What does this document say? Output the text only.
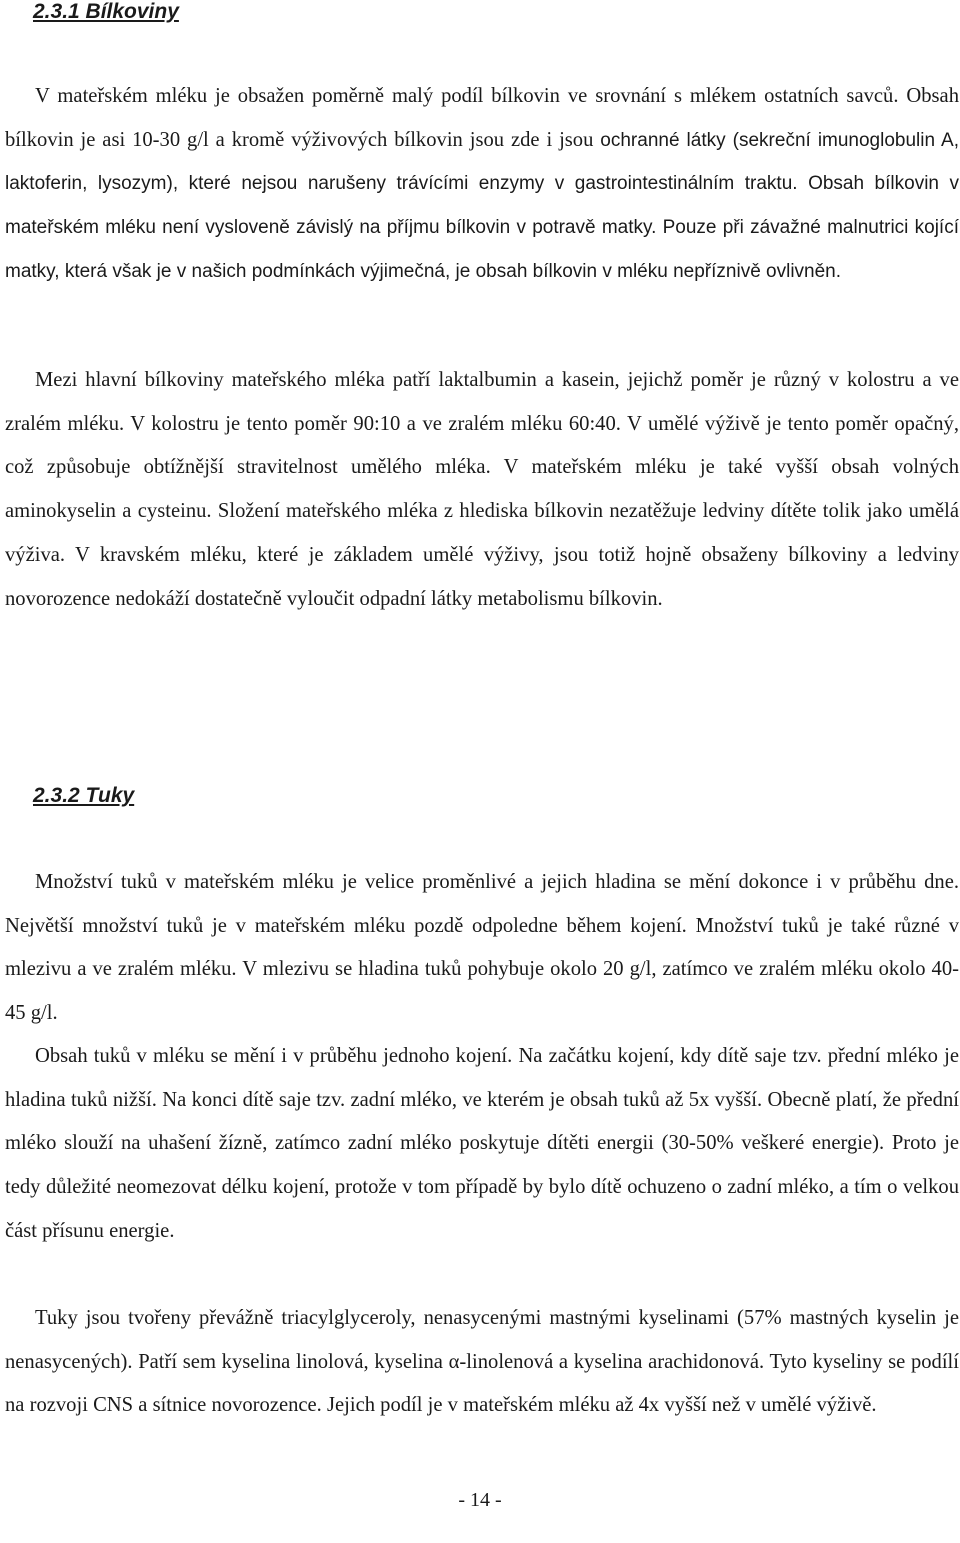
2.3.1 Bílkoviny

V mateřském mléku je obsažen poměrně malý podíl bílkovin ve srovnání s mlékem ostatních savců. Obsah bílkovin je asi 10-30 g/l a kromě výživových bílkovin jsou zde i jsou ochranné látky (sekreční imunoglobulin A, laktoferin, lysozym), které nejsou narušeny trávícími enzymy v gastrointestinálním traktu. Obsah bílkovin v mateřském mléku není vysloveně závislý na příjmu bílkovin v potravě matky. Pouze při závažné malnutrici kojící matky, která však je v našich podmínkách výjimečná, je obsah bílkovin v mléku nepříznivě ovlivněn.

Mezi hlavní bílkoviny mateřského mléka patří laktalbumin a kasein, jejichž poměr je různý v kolostru a ve zralém mléku. V kolostru je tento poměr 90:10 a ve zralém mléku 60:40. V umělé výživě je tento poměr opačný, což způsobuje obtížnější stravitelnost umělého mléka. V mateřském mléku je také vyšší obsah volných aminokyselin a cysteinu. Složení mateřského mléka z hlediska bílkovin nezatěžuje ledviny dítěte tolik jako umělá výživa. V kravském mléku, které je základem umělé výživy, jsou totiž hojně obsaženy bílkoviny a ledviny novorozence nedokáží dostatečně vyloučit odpadní látky metabolismu bílkovin.

2.3.2 Tuky

Množství tuků v mateřském mléku je velice proměnlivé a jejich hladina se mění dokonce i v průběhu dne. Největší množství tuků je v mateřském mléku pozdě odpoledne během kojení. Množství tuků je také různé v mlezivu a ve zralém mléku. V mlezivu se hladina tuků pohybuje okolo 20 g/l, zatímco ve zralém mléku okolo 40-45 g/l.

Obsah tuků v mléku se mění i v průběhu jednoho kojení. Na začátku kojení, kdy dítě saje tzv. přední mléko je hladina tuků nižší. Na konci dítě saje tzv. zadní mléko, ve kterém je obsah tuků až 5x vyšší. Obecně platí, že přední mléko slouží na uhašení žízně, zatímco zadní mléko poskytuje dítěti energii (30-50% veškeré energie). Proto je tedy důležité neomezovat délku kojení, protože v tom případě by bylo dítě ochuzeno o zadní mléko, a tím o velkou část přísunu energie.

Tuky jsou tvořeny převážně triacylglyceroly, nenasycenými mastnými kyselinami (57% mastných kyselin je nenasycených). Patří sem kyselina linolová, kyselina α-linolenová a kyselina arachidonová. Tyto kyseliny se podílí na rozvoji CNS a sítnice novorozence. Jejich podíl je v mateřském mléku až 4x vyšší než v umělé výživě.

- 14 -
